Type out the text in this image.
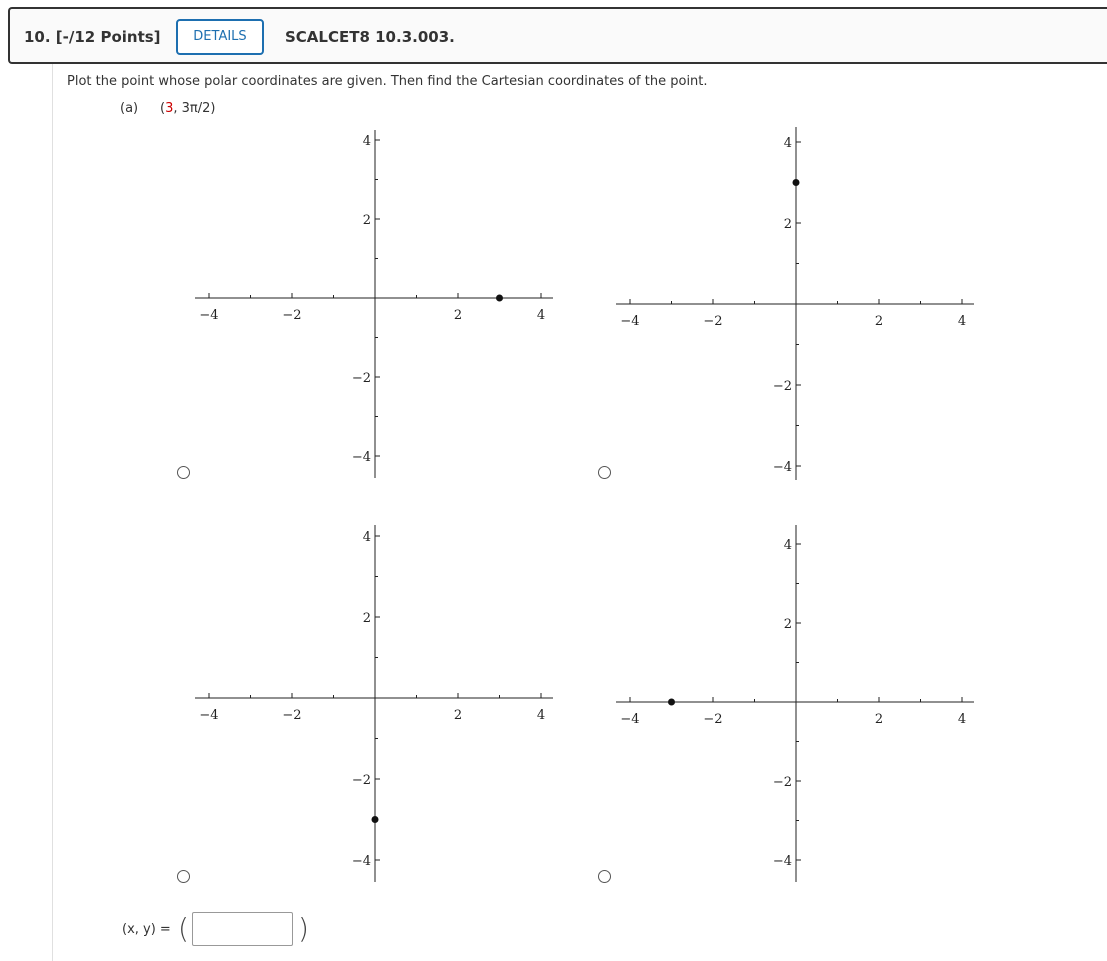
10. [-/12 Points]	DETAILS	SCALCET8 10.3.003.
Plot the point whose polar coordinates are given. Then find the Cartesian coordinates of the point.
(a) (3, 3π/2)
−4	−2	2	4
4
2
−2
−4
−4	−2	2	4
4
2
−2
−4
−4	−2	2	4
4
2
−2
−4
−4	−2	2	4
4
2
−2
−4
(x, y) = (	)
